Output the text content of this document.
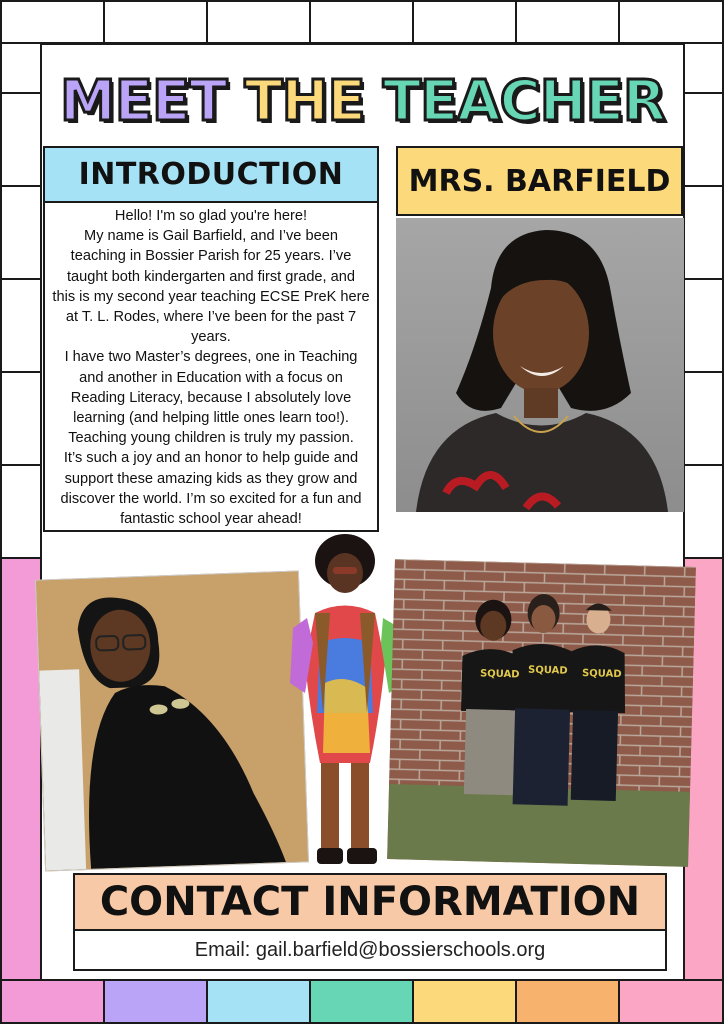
MEET THE TEACHER
INTRODUCTION
Hello! I'm so glad you're here!
My name is Gail Barfield, and I’ve been
teaching in Bossier Parish for 25 years. I’ve
taught both kindergarten and first grade, and
this is my second year teaching ECSE PreK here
at T. L. Rodes, where I’ve been for the past 7
years.
I have two Master’s degrees, one in Teaching
and another in Education with a focus on
Reading Literacy, because I absolutely love
learning (and helping little ones learn too!).
Teaching young children is truly my passion.
It’s such a joy and an honor to help guide and
support these amazing kids as they grow and
discover the world. I’m so excited for a fun and
fantastic school year ahead!
MRS. BARFIELD
SQUAD SQUAD SQUAD
CONTACT INFORMATION
Email: gail.barfield@bossierschools.org
